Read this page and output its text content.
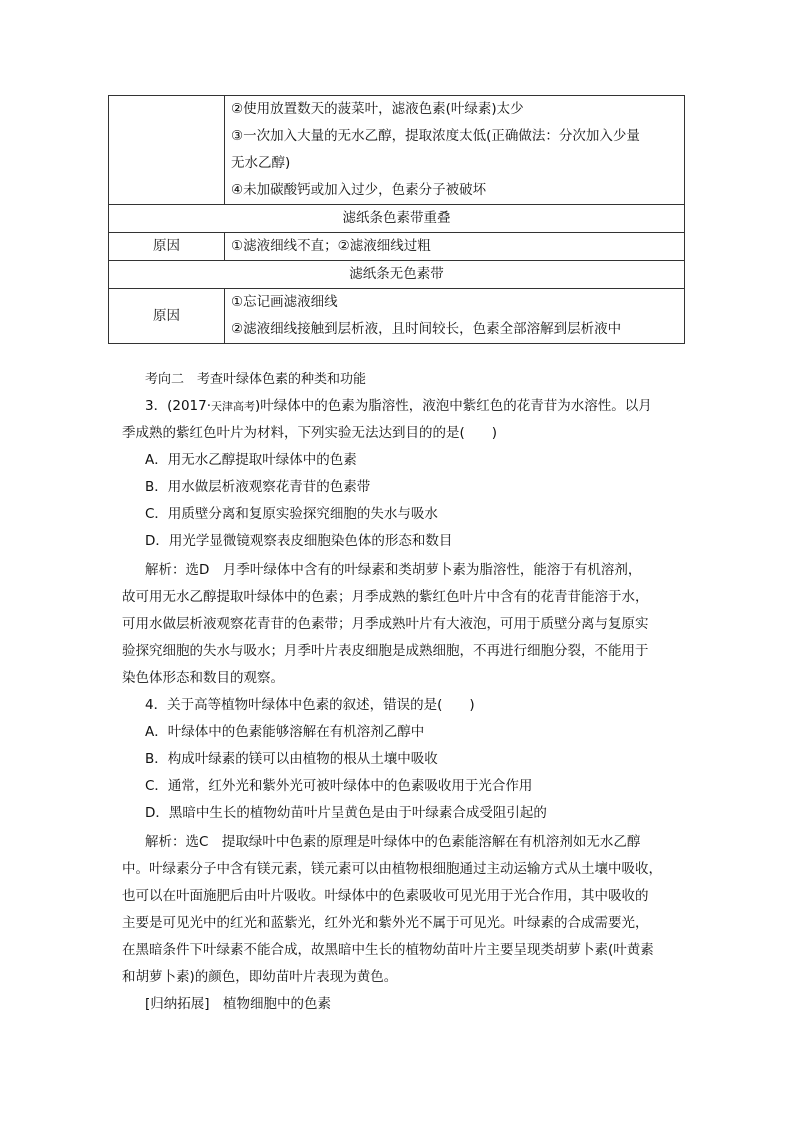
	②使用放置数天的菠菜叶，滤液色素(叶绿素)太少
③一次加入大量的无水乙醇，提取浓度太低(正确做法：分次加入少量
无水乙醇)
④未加碳酸钙或加入过少，色素分子被破坏

滤纸条色素带重叠	
原因	①滤液细线不直；②滤液细线过粗
滤纸条无色素带	
原因	①忘记画滤液细线
②滤液细线接触到层析液，且时间较长，色素全部溶解到层析液中
考向二　考查叶绿体色素的种类和功能
3．(2017·天津高考)叶绿体中的色素为脂溶性，液泡中紫红色的花青苷为水溶性。以月
季成熟的紫红色叶片为材料，下列实验无法达到目的的是(　　)
A．用无水乙醇提取叶绿体中的色素
B．用水做层析液观察花青苷的色素带
C．用质壁分离和复原实验探究细胞的失水与吸水
D．用光学显微镜观察表皮细胞染色体的形态和数目
解析：选D　月季叶绿体中含有的叶绿素和类胡萝卜素为脂溶性，能溶于有机溶剂，
故可用无水乙醇提取叶绿体中的色素；月季成熟的紫红色叶片中含有的花青苷能溶于水，
可用水做层析液观察花青苷的色素带；月季成熟叶片有大液泡，可用于质壁分离与复原实
验探究细胞的失水与吸水；月季叶片表皮细胞是成熟细胞，不再进行细胞分裂，不能用于
染色体形态和数目的观察。
4．关于高等植物叶绿体中色素的叙述，错误的是(　　)
A．叶绿体中的色素能够溶解在有机溶剂乙醇中
B．构成叶绿素的镁可以由植物的根从土壤中吸收
C．通常，红外光和紫外光可被叶绿体中的色素吸收用于光合作用
D．黑暗中生长的植物幼苗叶片呈黄色是由于叶绿素合成受阻引起的
解析：选C　提取绿叶中色素的原理是叶绿体中的色素能溶解在有机溶剂如无水乙醇
中。叶绿素分子中含有镁元素，镁元素可以由植物根细胞通过主动运输方式从土壤中吸收，
也可以在叶面施肥后由叶片吸收。叶绿体中的色素吸收可见光用于光合作用，其中吸收的
主要是可见光中的红光和蓝紫光，红外光和紫外光不属于可见光。叶绿素的合成需要光，
在黑暗条件下叶绿素不能合成，故黑暗中生长的植物幼苗叶片主要呈现类胡萝卜素(叶黄素
和胡萝卜素)的颜色，即幼苗叶片表现为黄色。
[归纳拓展]　植物细胞中的色素
